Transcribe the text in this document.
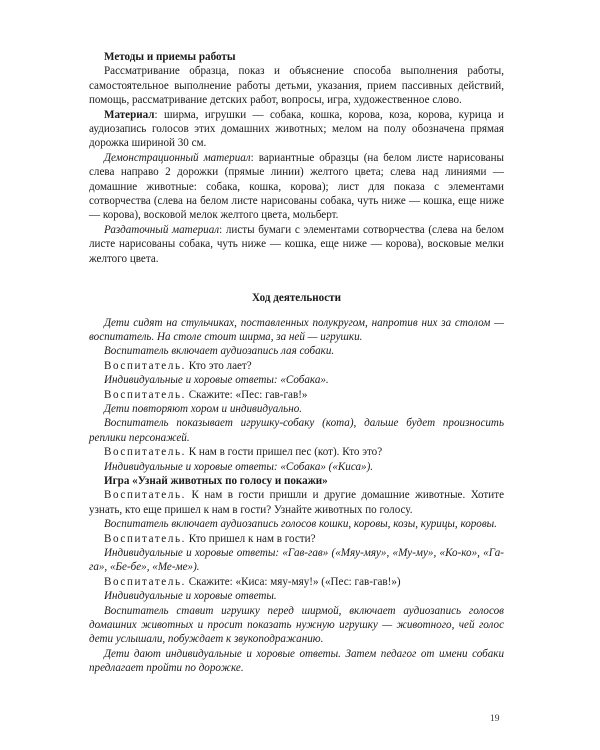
Методы и приемы работы

Рассматривание образца, показ и объяснение способа выполнения работы, самостоятельное выполнение работы детьми, указания, прием пассивных действий, помощь, рассматривание детских работ, вопросы, игра, художественное слово.

Материал: ширма, игрушки — собака, кошка, корова, коза, корова, курица и аудиозапись голосов этих домашних животных; мелом на полу обозначена прямая дорожка шириной 30 см.

Демонстрационный материал: вариантные образцы (на белом листе нарисованы слева направо 2 дорожки (прямые линии) желтого цвета; слева над линиями — домашние животные: собака, кошка, корова); лист для показа с элементами сотворчества (слева на белом листе нарисованы собака, чуть ниже — кошка, еще ниже — корова), восковой мелок желтого цвета, мольберт.

Раздаточный материал: листы бумаги с элементами сотворчества (слева на белом листе нарисованы собака, чуть ниже — кошка, еще ниже — корова), восковые мелки желтого цвета.

Ход деятельности

Дети сидят на стульчиках, поставленных полукругом, напротив них за столом — воспитатель. На столе стоит ширма, за ней — игрушки.

Воспитатель включает аудиозапись лая собаки.

Воспитатель. Кто это лает?

Индивидуальные и хоровые ответы: «Собака».

Воспитатель. Скажите: «Пес: гав-гав!»

Дети повторяют хором и индивидуально.

Воспитатель показывает игрушку-собаку (кота), дальше будет произносить реплики персонажей.

Воспитатель. К нам в гости пришел пес (кот). Кто это?

Индивидуальные и хоровые ответы: «Собака» («Киса»).

Игра «Узнай животных по голосу и покажи»

Воспитатель. К нам в гости пришли и другие домашние животные. Хотите узнать, кто еще пришел к нам в гости? Узнайте животных по голосу.

Воспитатель включает аудиозапись голосов кошки, коровы, козы, курицы, коровы.

Воспитатель. Кто пришел к нам в гости?

Индивидуальные и хоровые ответы: «Гав-гав» («Мяу-мяу», «Му-му», «Ко-ко», «Га-га», «Бе-бе», «Ме-ме»).

Воспитатель. Скажите: «Киса: мяу-мяу!» («Пес: гав-гав!»)

Индивидуальные и хоровые ответы.

Воспитатель ставит игрушку перед ширмой, включает аудиозапись голосов домашних животных и просит показать нужную игрушку — животного, чей голос дети услышали, побуждает к звукоподражанию.

Дети дают индивидуальные и хоровые ответы. Затем педагог от имени собаки предлагает пройти по дорожке.

19
